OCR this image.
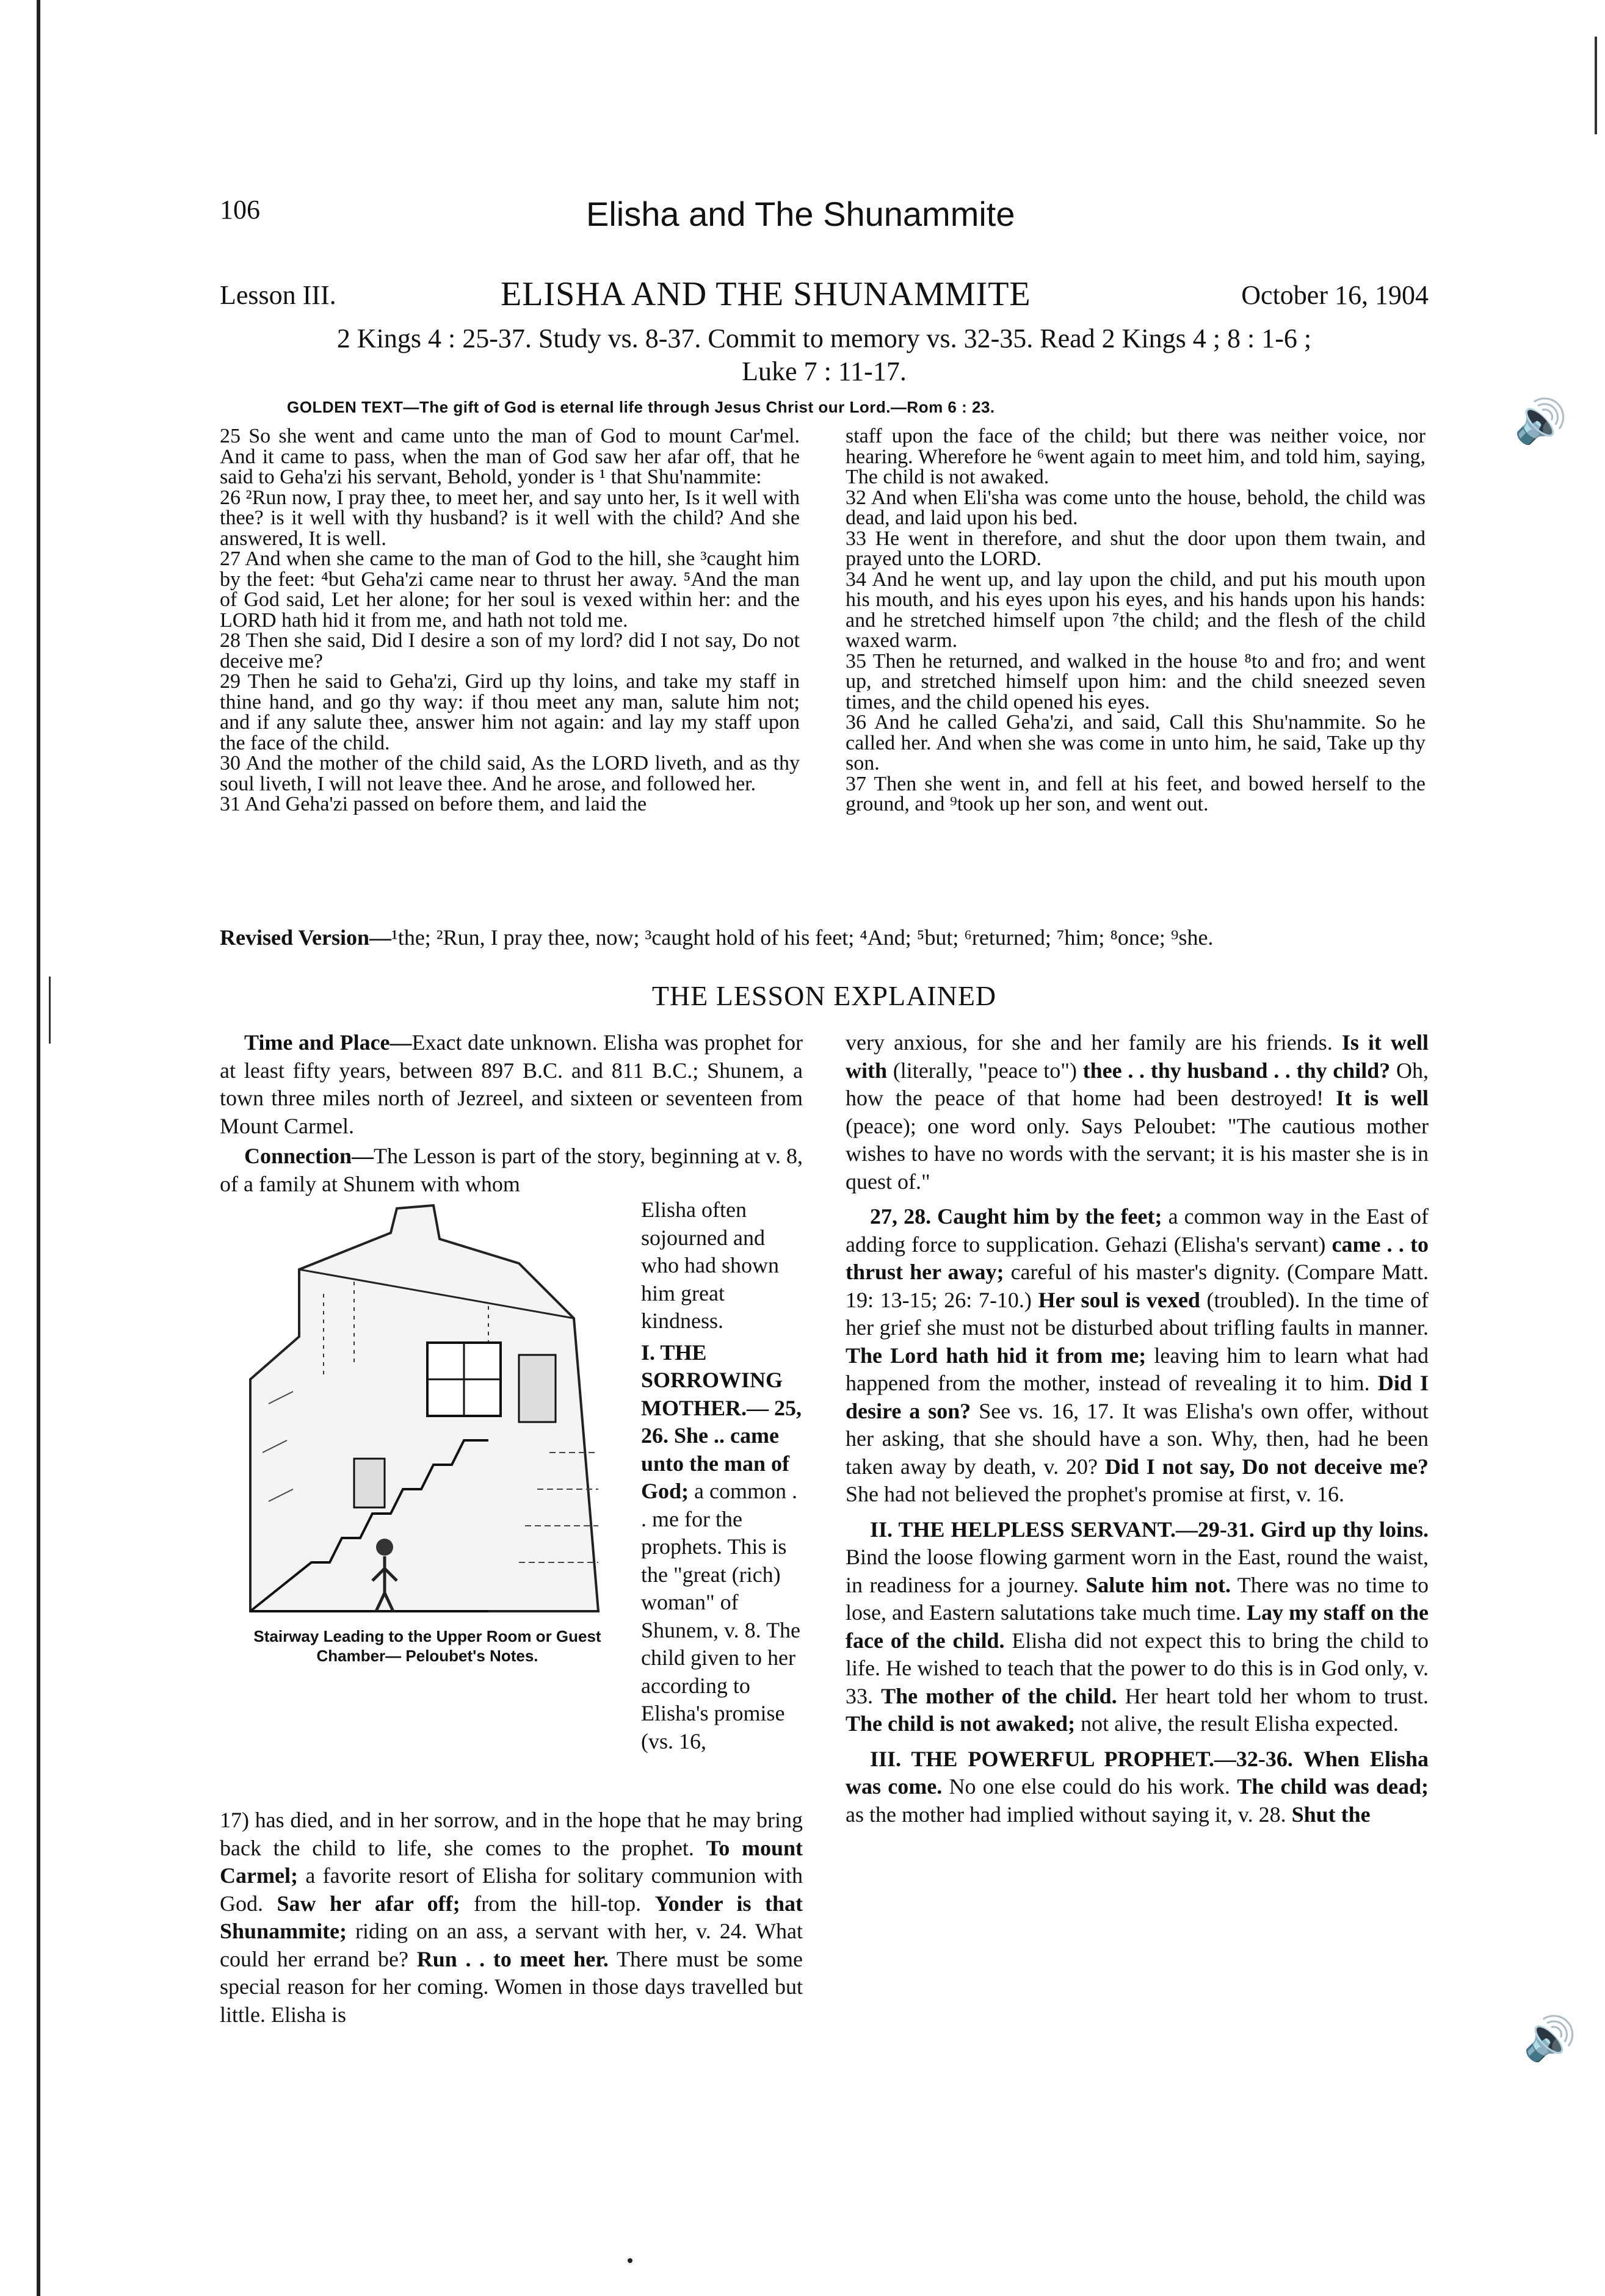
106	Elisha and The Shunammite
Lesson III.	ELISHA AND THE SHUNAMMITE	October 16, 1904
2 Kings 4 : 25-37. Study vs. 8-37. Commit to memory vs. 32-35. Read 2 Kings 4 ; 8 : 1-6 ;
Luke 7 : 11-17.
GOLDEN TEXT—The gift of God is eternal life through Jesus Christ our Lord.—Rom 6 : 23.	🔊

25 So she went and came unto the man of God to mount Car'mel. And it came to pass, when the man of God saw her afar off, that he said to Geha'zi his servant, Behold, yonder is ¹ that Shu'nammite:

26 ²Run now, I pray thee, to meet her, and say unto her, Is it well with thee? is it well with thy husband? is it well with the child? And she answered, It is well.

27 And when she came to the man of God to the hill, she ³caught him by the feet: ⁴but Geha'zi came near to thrust her away. ⁵And the man of God said, Let her alone; for her soul is vexed within her: and the LORD hath hid it from me, and hath not told me.

28 Then she said, Did I desire a son of my lord? did I not say, Do not deceive me?

29 Then he said to Geha'zi, Gird up thy loins, and take my staff in thine hand, and go thy way: if thou meet any man, salute him not; and if any salute thee, answer him not again: and lay my staff upon the face of the child.

30 And the mother of the child said, As the LORD liveth, and as thy soul liveth, I will not leave thee. And he arose, and followed her.

31 And Geha'zi passed on before them, and laid the

staff upon the face of the child; but there was neither voice, nor hearing. Wherefore he ⁶went again to meet him, and told him, saying, The child is not awaked.

32 And when Eli'sha was come unto the house, behold, the child was dead, and laid upon his bed.

33 He went in therefore, and shut the door upon them twain, and prayed unto the LORD.

34 And he went up, and lay upon the child, and put his mouth upon his mouth, and his eyes upon his eyes, and his hands upon his hands: and he stretched himself upon ⁷the child; and the flesh of the child waxed warm.

35 Then he returned, and walked in the house ⁸to and fro; and went up, and stretched himself upon him: and the child sneezed seven times, and the child opened his eyes.

36 And he called Geha'zi, and said, Call this Shu'nammite. So he called her. And when she was come in unto him, he said, Take up thy son.

37 Then she went in, and fell at his feet, and bowed herself to the ground, and ⁹took up her son, and went out.

Revised Version—¹the; ²Run, I pray thee, now; ³caught hold of his feet; ⁴And; ⁵but; ⁶returned; ⁷him; ⁸once; ⁹she.
THE LESSON EXPLAINED

Time and Place—Exact date unknown. Elisha was prophet for at least fifty years, between 897 B.C. and 811 B.C.; Shunem, a town three miles north of Jezreel, and sixteen or seventeen from Mount Carmel.

Connection—The Lesson is part of the story, beginning at v. 8, of a family at Shunem with whom

Stairway Leading to the Upper Room or Guest Chamber— Peloubet's Notes.

Elisha often sojourned and who had shown him great kindness.

I. THE SORROWING MOTHER.— 25, 26. She .. came unto the man of God; a common . . me for the prophets. This is the "great (rich) woman" of Shunem, v. 8. The child given to her according to Elisha's promise (vs. 16,

17) has died, and in her sorrow, and in the hope that he may bring back the child to life, she comes to the prophet. To mount Carmel; a favorite resort of Elisha for solitary communion with God. Saw her afar off; from the hill-top. Yonder is that Shunammite; riding on an ass, a servant with her, v. 24. What could her errand be? Run . . to meet her. There must be some special reason for her coming. Women in those days travelled but little. Elisha is

very anxious, for she and her family are his friends. Is it well with (literally, "peace to") thee . . thy husband . . thy child? Oh, how the peace of that home had been destroyed! It is well (peace); one word only. Says Peloubet: "The cautious mother wishes to have no words with the servant; it is his master she is in quest of."

27, 28. Caught him by the feet; a common way in the East of adding force to supplication. Gehazi (Elisha's servant) came . . to thrust her away; careful of his master's dignity. (Compare Matt. 19: 13-15; 26: 7-10.) Her soul is vexed (troubled). In the time of her grief she must not be disturbed about trifling faults in manner. The Lord hath hid it from me; leaving him to learn what had happened from the mother, instead of revealing it to him. Did I desire a son? See vs. 16, 17. It was Elisha's own offer, without her asking, that she should have a son. Why, then, had he been taken away by death, v. 20? Did I not say, Do not deceive me? She had not believed the prophet's promise at first, v. 16.

II. THE HELPLESS SERVANT.—29-31. Gird up thy loins. Bind the loose flowing garment worn in the East, round the waist, in readiness for a journey. Salute him not. There was no time to lose, and Eastern salutations take much time. Lay my staff on the face of the child. Elisha did not expect this to bring the child to life. He wished to teach that the power to do this is in God only, v. 33. The mother of the child. Her heart told her whom to trust. The child is not awaked; not alive, the result Elisha expected.

III. THE POWERFUL PROPHET.—32-36. When Elisha was come. No one else could do his work. The child was dead; as the mother had implied without saying it, v. 28. Shut the

🔊
